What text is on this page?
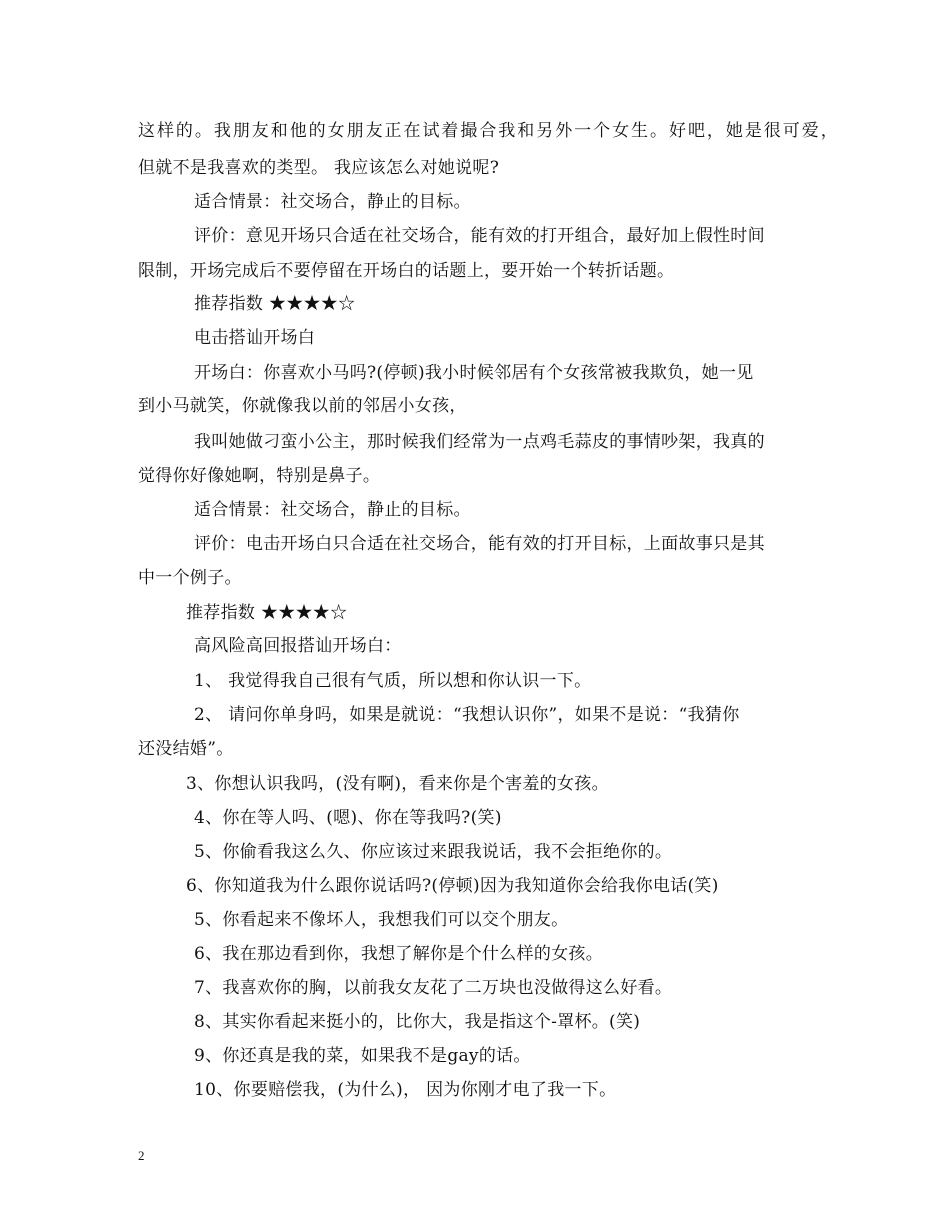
这样的。我朋友和他的女朋友正在试着撮合我和另外一个女生。好吧，她是很可爱，
但就不是我喜欢的类型。 我应该怎么对她说呢?
适合情景：社交场合，静止的目标。
评价：意见开场只合适在社交场合，能有效的打开组合，最好加上假性时间
限制，开场完成后不要停留在开场白的话题上，要开始一个转折话题。
推荐指数 ★★★★☆
电击搭讪开场白
开场白：你喜欢小马吗?(停顿)我小时候邻居有个女孩常被我欺负，她一见
到小马就笑，你就像我以前的邻居小女孩，
我叫她做刁蛮小公主，那时候我们经常为一点鸡毛蒜皮的事情吵架，我真的
觉得你好像她啊，特别是鼻子。
适合情景：社交场合，静止的目标。
评价：电击开场白只合适在社交场合，能有效的打开目标，上面故事只是其
中一个例子。
推荐指数 ★★★★☆
高风险高回报搭讪开场白：
1、 我觉得我自己很有气质，所以想和你认识一下。
2、 请问你单身吗，如果是就说：“我想认识你”，如果不是说：“我猜你
还没结婚”。
3、你想认识我吗，(没有啊)，看来你是个害羞的女孩。
4、你在等人吗、(嗯)、你在等我吗?(笑)
5、你偷看我这么久、你应该过来跟我说话，我不会拒绝你的。
6、你知道我为什么跟你说话吗?(停顿)因为我知道你会给我你电话(笑)
5、你看起来不像坏人，我想我们可以交个朋友。
6、我在那边看到你，我想了解你是个什么样的女孩。
7、我喜欢你的胸，以前我女友花了二万块也没做得这么好看。
8、其实你看起来挺小的，比你大，我是指这个-罩杯。(笑)
9、你还真是我的菜，如果我不是gay的话。
10、你要赔偿我，(为什么)， 因为你刚才电了我一下。
2
